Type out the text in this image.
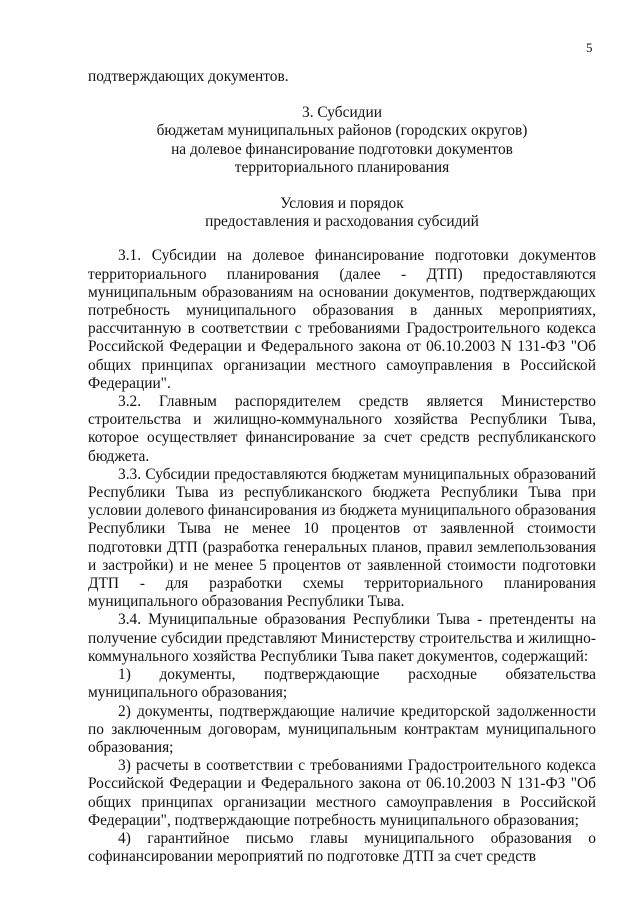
5

подтверждающих документов.

3. Субсидии
бюджетам муниципальных районов (городских округов)
на долевое финансирование подготовки документов
территориального планирования

Условия и порядок
предоставления и расходования субсидий

3.1. Субсидии на долевое финансирование подготовки документов территориального планирования (далее - ДТП) предоставляются муниципальным образованиям на основании документов, подтверждающих потребность муниципального образования в данных мероприятиях, рассчитанную в соответствии с требованиями Градостроительного кодекса Российской Федерации и Федерального закона от 06.10.2003 N 131-ФЗ "Об общих принципах организации местного самоуправления в Российской Федерации".

3.2. Главным распорядителем средств является Министерство строительства и жилищно-коммунального хозяйства Республики Тыва, которое осуществляет финансирование за счет средств республиканского бюджета.

3.3. Субсидии предоставляются бюджетам муниципальных образований Республики Тыва из республиканского бюджета Республики Тыва при условии долевого финансирования из бюджета муниципального образования Республики Тыва не менее 10 процентов от заявленной стоимости подготовки ДТП (разработка генеральных планов, правил землепользования и застройки) и не менее 5 процентов от заявленной стоимости подготовки ДТП - для разработки схемы территориального планирования муниципального образования Республики Тыва.

3.4. Муниципальные образования Республики Тыва - претенденты на получение субсидии представляют Министерству строительства и жилищно-коммунального хозяйства Республики Тыва пакет документов, содержащий:

1) документы, подтверждающие расходные обязательства муниципального образования;

2) документы, подтверждающие наличие кредиторской задолженности по заключенным договорам, муниципальным контрактам муниципального образования;

3) расчеты в соответствии с требованиями Градостроительного кодекса Российской Федерации и Федерального закона от 06.10.2003 N 131-ФЗ "Об общих принципах организации местного самоуправления в Российской Федерации", подтверждающие потребность муниципального образования;

4) гарантийное письмо главы муниципального образования о софинансировании мероприятий по подготовке ДТП за счет средств
